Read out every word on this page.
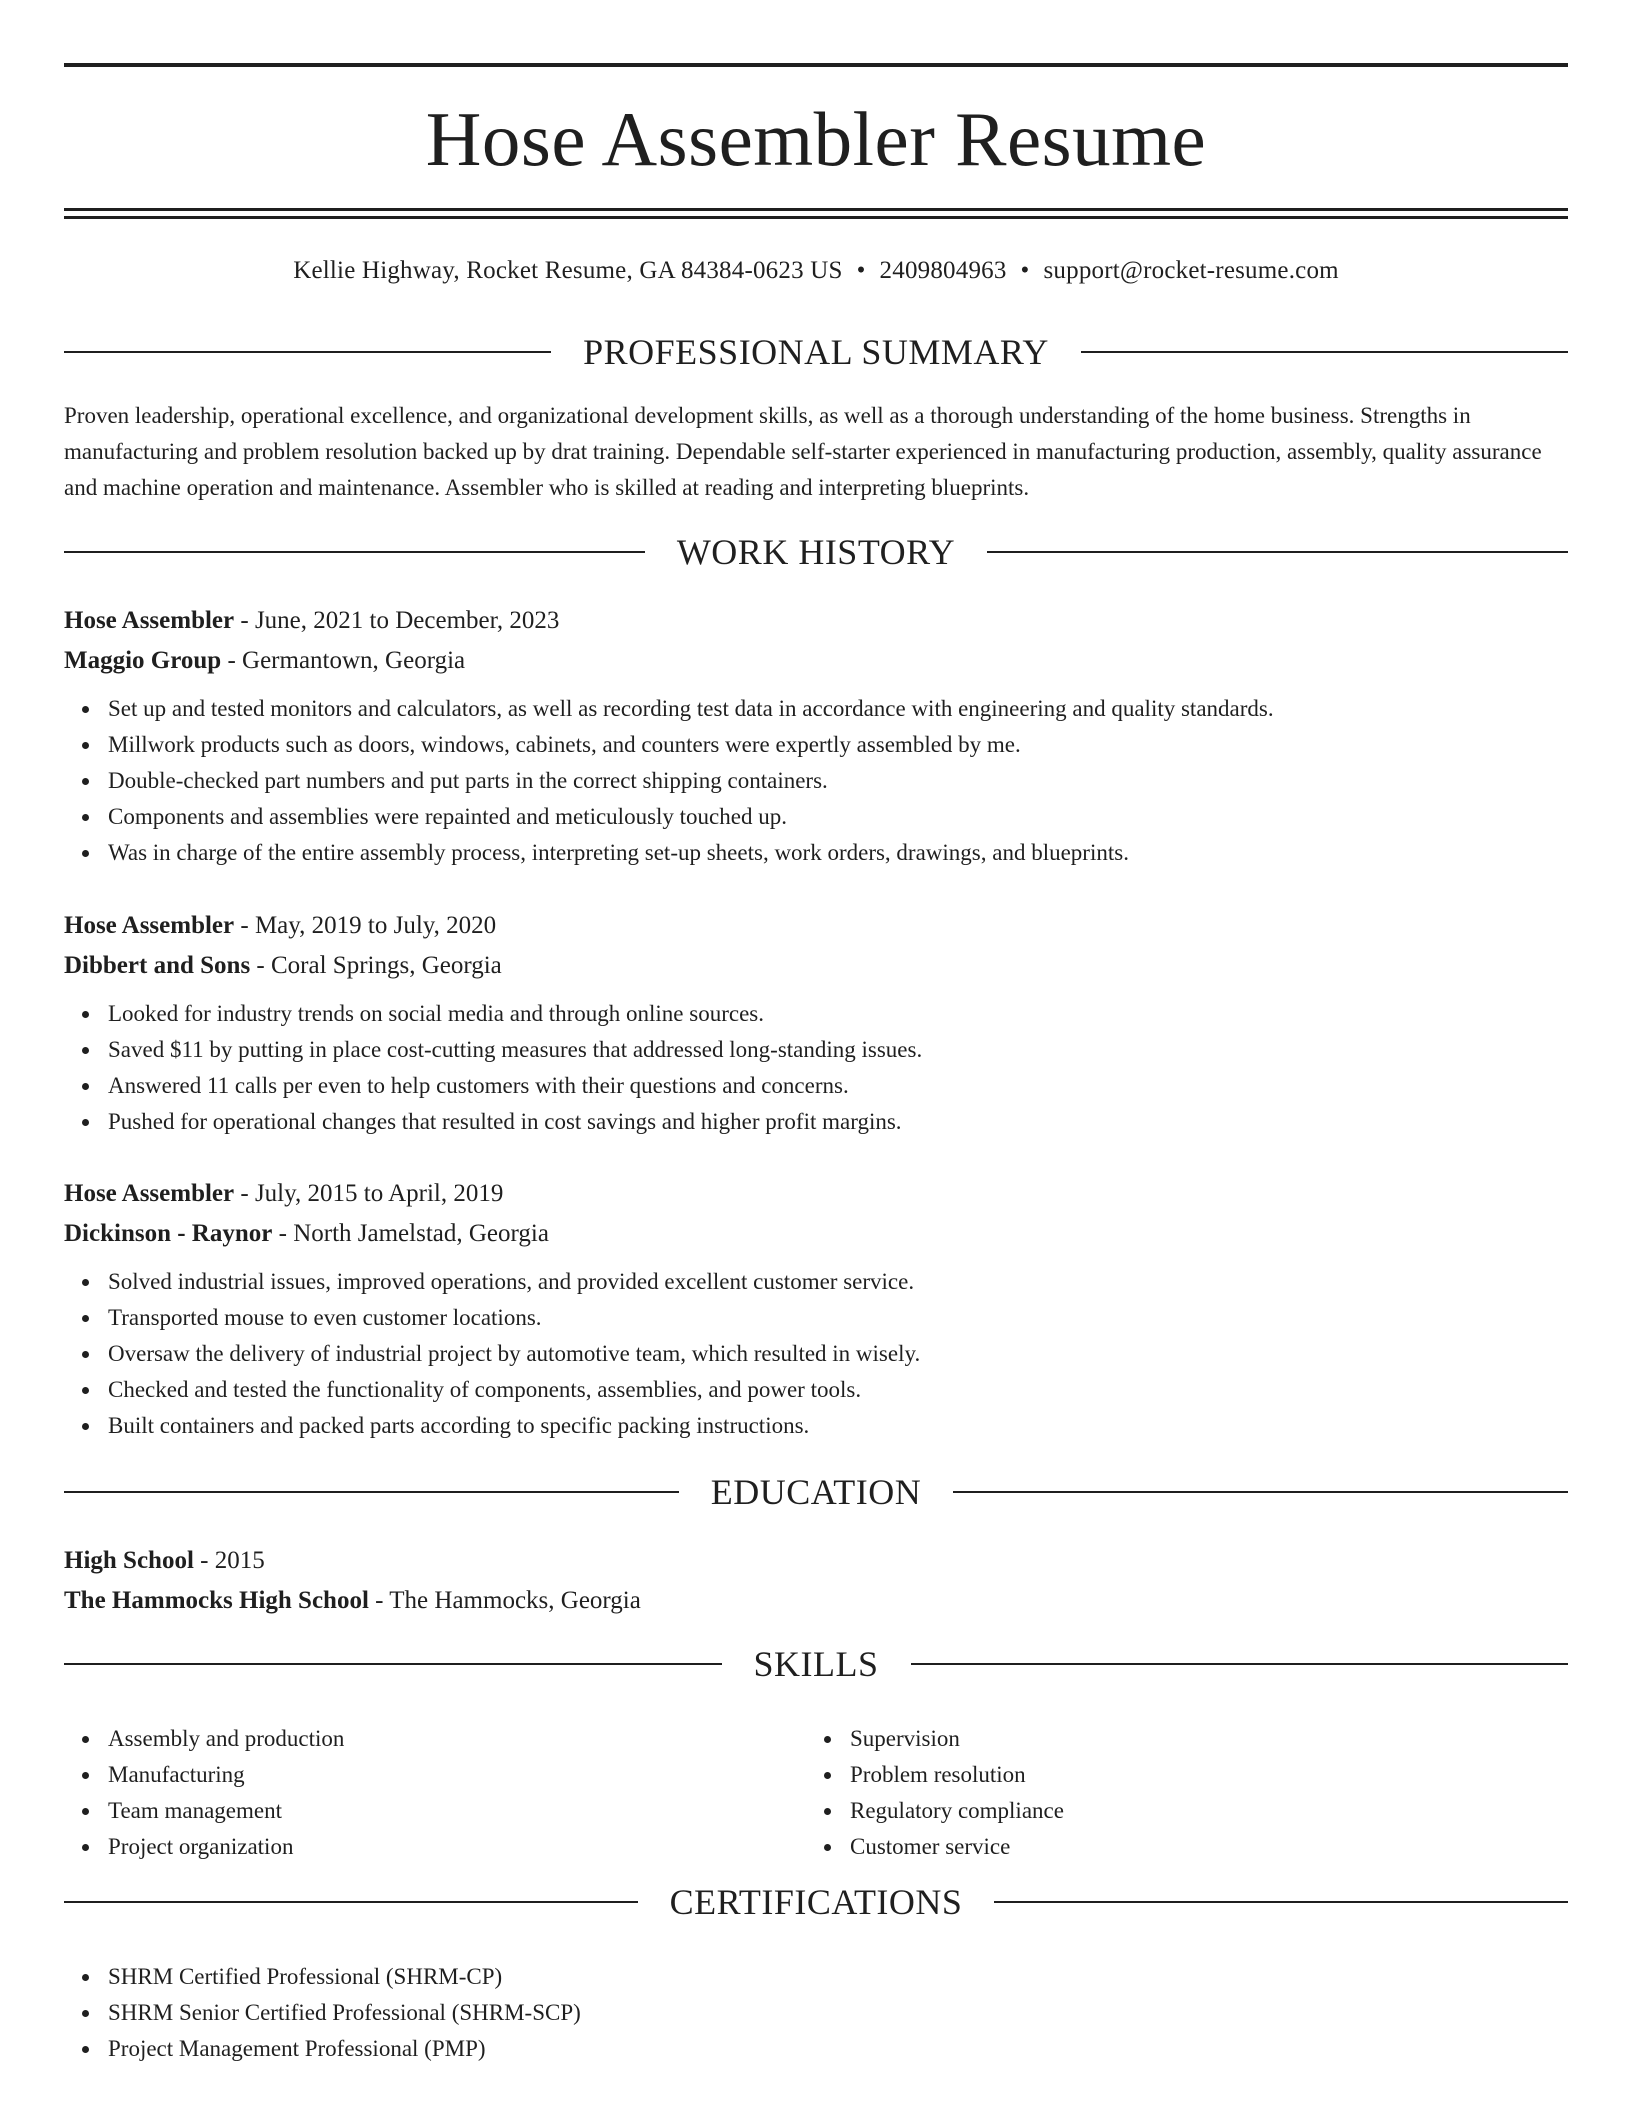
Hose Assembler Resume
Kellie Highway, Rocket Resume, GA 84384-0623 US • 2409804963 • support@rocket-resume.com
PROFESSIONAL SUMMARY

Proven leadership, operational excellence, and organizational development skills, as well as a thorough understanding of the home business. Strengths in manufacturing and problem resolution backed up by drat training. Dependable self-starter experienced in manufacturing production, assembly, quality assurance and machine operation and maintenance. Assembler who is skilled at reading and interpreting blueprints.

WORK HISTORY
Hose Assembler - June, 2021 to December, 2023
Maggio Group - Germantown, Georgia
Set up and tested monitors and calculators, as well as recording test data in accordance with engineering and quality standards.
Millwork products such as doors, windows, cabinets, and counters were expertly assembled by me.
Double-checked part numbers and put parts in the correct shipping containers.
Components and assemblies were repainted and meticulously touched up.
Was in charge of the entire assembly process, interpreting set-up sheets, work orders, drawings, and blueprints.
Hose Assembler - May, 2019 to July, 2020
Dibbert and Sons - Coral Springs, Georgia
Looked for industry trends on social media and through online sources.
Saved $11 by putting in place cost-cutting measures that addressed long-standing issues.
Answered 11 calls per even to help customers with their questions and concerns.
Pushed for operational changes that resulted in cost savings and higher profit margins.
Hose Assembler - July, 2015 to April, 2019
Dickinson - Raynor - North Jamelstad, Georgia
Solved industrial issues, improved operations, and provided excellent customer service.
Transported mouse to even customer locations.
Oversaw the delivery of industrial project by automotive team, which resulted in wisely.
Checked and tested the functionality of components, assemblies, and power tools.
Built containers and packed parts according to specific packing instructions.
EDUCATION
High School - 2015
The Hammocks High School - The Hammocks, Georgia
SKILLS
Assembly and production
Manufacturing
Team management
Project organization
Supervision
Problem resolution
Regulatory compliance
Customer service
CERTIFICATIONS
SHRM Certified Professional (SHRM-CP)
SHRM Senior Certified Professional (SHRM-SCP)
Project Management Professional (PMP)
